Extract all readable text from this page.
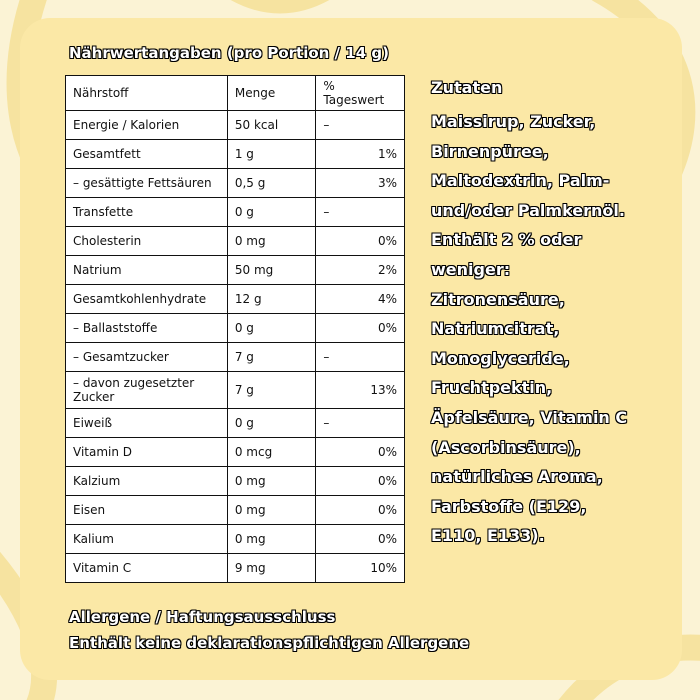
Nährwertangaben (pro Portion / 14 g)
Nährstoff	Menge	% Tageswert
Energie / Kalorien	50 kcal	–
Gesamtfett	1 g	1%
– gesättigte Fettsäuren	0,5 g	3%
Transfette	0 g	–
Cholesterin	0 mg	0%
Natrium	50 mg	2%
Gesamtkohlenhydrate	12 g	4%
– Ballaststoffe	0 g	0%
– Gesamtzucker	7 g	–
– davon zugesetzter Zucker	7 g	13%
Eiweiß	0 g	–
Vitamin D	0 mcg	0%
Kalzium	0 mg	0%
Eisen	0 mg	0%
Kalium	0 mg	0%
Vitamin C	9 mg	10%
Zutaten
Maissirup, Zucker,
Birnenpüree,
Maltodextrin, Palm-
und/oder Palmkernöl.
Enthält 2 % oder
weniger:
Zitronensäure,
Natriumcitrat,
Monoglyceride,
Fruchtpektin,
Äpfelsäure, Vitamin C
(Ascorbinsäure),
natürliches Aroma,
Farbstoffe (E129,
E110, E133).
Allergene / Haftungsausschluss
Enthält keine deklarationspflichtigen Allergene
